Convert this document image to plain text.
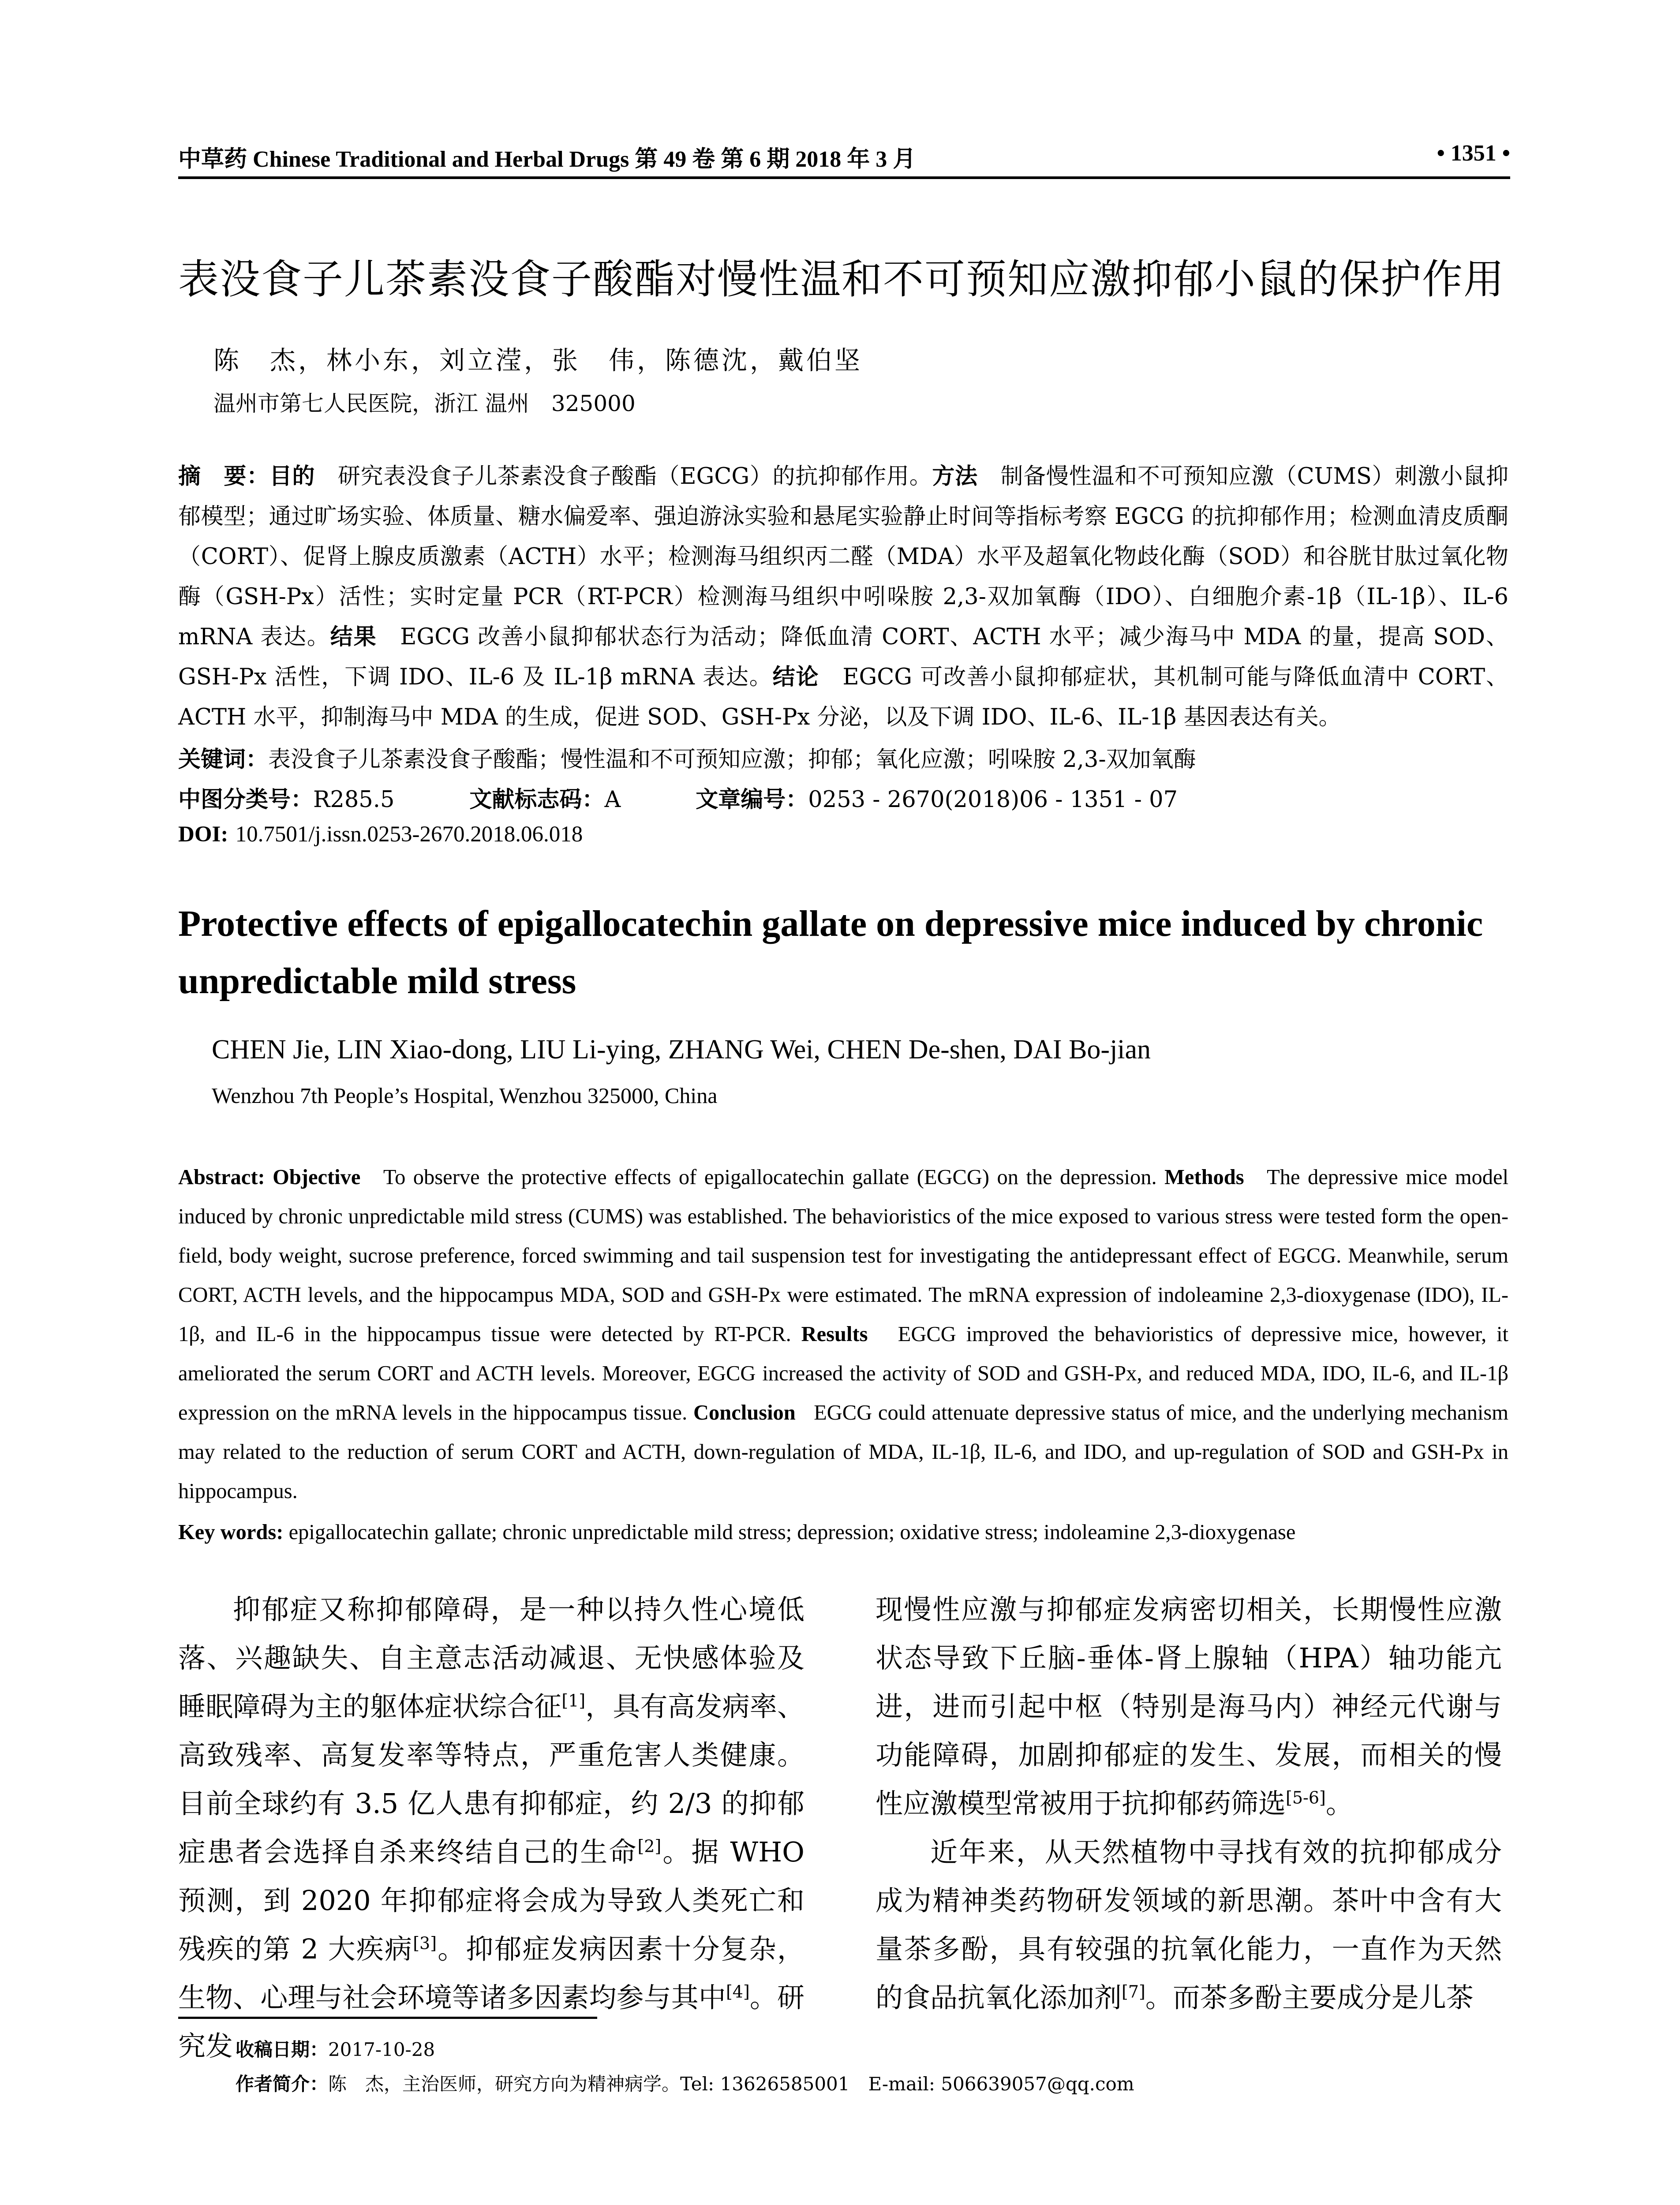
中草药 Chinese Traditional and Herbal Drugs 第 49 卷 第 6 期 2018 年 3 月	• 1351 •
表没食子儿茶素没食子酸酯对慢性温和不可预知应激抑郁小鼠的保护作用
陈　杰，林小东，刘立滢，张　伟，陈德沈，戴伯坚
温州市第七人民医院，浙江 温州　325000
摘　要：目的　 研究表没食子儿茶素没食子酸酯（EGCG）的抗抑郁作用。方法　 制备慢性温和不可预知应激（CUMS）刺激小鼠抑郁模型；通过旷场实验、体质量、糖水偏爱率、强迫游泳实验和悬尾实验静止时间等指标考察 EGCG 的抗抑郁作用；检测血清皮质酮（CORT）、促肾上腺皮质激素（ACTH）水平；检测海马组织丙二醛（MDA）水平及超氧化物歧化酶（SOD）和谷胱甘肽过氧化物酶（GSH-Px）活性；实时定量 PCR（RT-PCR）检测海马组织中吲哚胺 2,3-双加氧酶（IDO）、白细胞介素-1β（IL-1β）、IL-6 mRNA 表达。结果　 EGCG 改善小鼠抑郁状态行为活动；降低血清 CORT、ACTH 水平；减少海马中 MDA 的量，提高 SOD、GSH-Px 活性，下调 IDO、IL-6 及 IL-1β mRNA 表达。结论　 EGCG 可改善小鼠抑郁症状，其机制可能与降低血清中 CORT、ACTH 水平，抑制海马中 MDA 的生成，促进 SOD、GSH-Px 分泌，以及下调 IDO、IL-6、IL-1β 基因表达有关。
关键词：表没食子儿茶素没食子酸酯；慢性温和不可预知应激；抑郁；氧化应激；吲哚胺 2,3-双加氧酶
中图分类号：R285.5	文献标志码：A	文章编号：0253 - 2670(2018)06 - 1351 - 07
DOI: 10.7501/j.issn.0253-2670.2018.06.018
Protective effects of epigallocatechin gallate on depressive mice induced by chronic unpredictable mild stress
CHEN Jie, LIN Xiao-dong, LIU Li-ying, ZHANG Wei, CHEN De-shen, DAI Bo-jian
Wenzhou 7th People’s Hospital, Wenzhou 325000, China
Abstract: Objective To observe the protective effects of epigallocatechin gallate (EGCG) on the depression. Methods The depressive mice model induced by chronic unpredictable mild stress (CUMS) was established. The behavioristics of the mice exposed to various stress were tested form the open-field, body weight, sucrose preference, forced swimming and tail suspension test for investigating the antidepressant effect of EGCG. Meanwhile, serum CORT, ACTH levels, and the hippocampus MDA, SOD and GSH-Px were estimated. The mRNA expression of indoleamine 2,3-dioxygenase (IDO), IL-1β, and IL-6 in the hippocampus tissue were detected by RT-PCR. Results EGCG improved the behavioristics of depressive mice, however, it ameliorated the serum CORT and ACTH levels. Moreover, EGCG increased the activity of SOD and GSH-Px, and reduced MDA, IDO, IL-6, and IL-1β expression on the mRNA levels in the hippocampus tissue. Conclusion EGCG could attenuate depressive status of mice, and the underlying mechanism may related to the reduction of serum CORT and ACTH, down-regulation of MDA, IL-1β, IL-6, and IDO, and up-regulation of SOD and GSH-Px in hippocampus.
Key words: epigallocatechin gallate; chronic unpredictable mild stress; depression; oxidative stress; indoleamine 2,3-dioxygenase

抑郁症又称抑郁障碍，是一种以持久性心境低落、兴趣缺失、自主意志活动减退、无快感体验及睡眠障碍为主的躯体症状综合征[1]，具有高发病率、高致残率、高复发率等特点，严重危害人类健康。目前全球约有 3.5 亿人患有抑郁症，约 2/3 的抑郁症患者会选择自杀来终结自己的生命[2]。据 WHO 预测，到 2020 年抑郁症将会成为导致人类死亡和残疾的第 2 大疾病[3]。抑郁症发病因素十分复杂，生物、心理与社会环境等诸多因素均参与其中[4]。研究发

现慢性应激与抑郁症发病密切相关，长期慢性应激状态导致下丘脑-垂体-肾上腺轴（HPA）轴功能亢进，进而引起中枢（特别是海马内）神经元代谢与功能障碍，加剧抑郁症的发生、发展，而相关的慢性应激模型常被用于抗抑郁药筛选[5-6]。

近年来，从天然植物中寻找有效的抗抑郁成分成为精神类药物研发领域的新思潮。茶叶中含有大量茶多酚，具有较强的抗氧化能力，一直作为天然的食品抗氧化添加剂[7]。而茶多酚主要成分是儿茶

收稿日期：2017-10-28
作者简介：陈　杰，主治医师，研究方向为精神病学。Tel: 13626585001　E-mail: 506639057@qq.com
